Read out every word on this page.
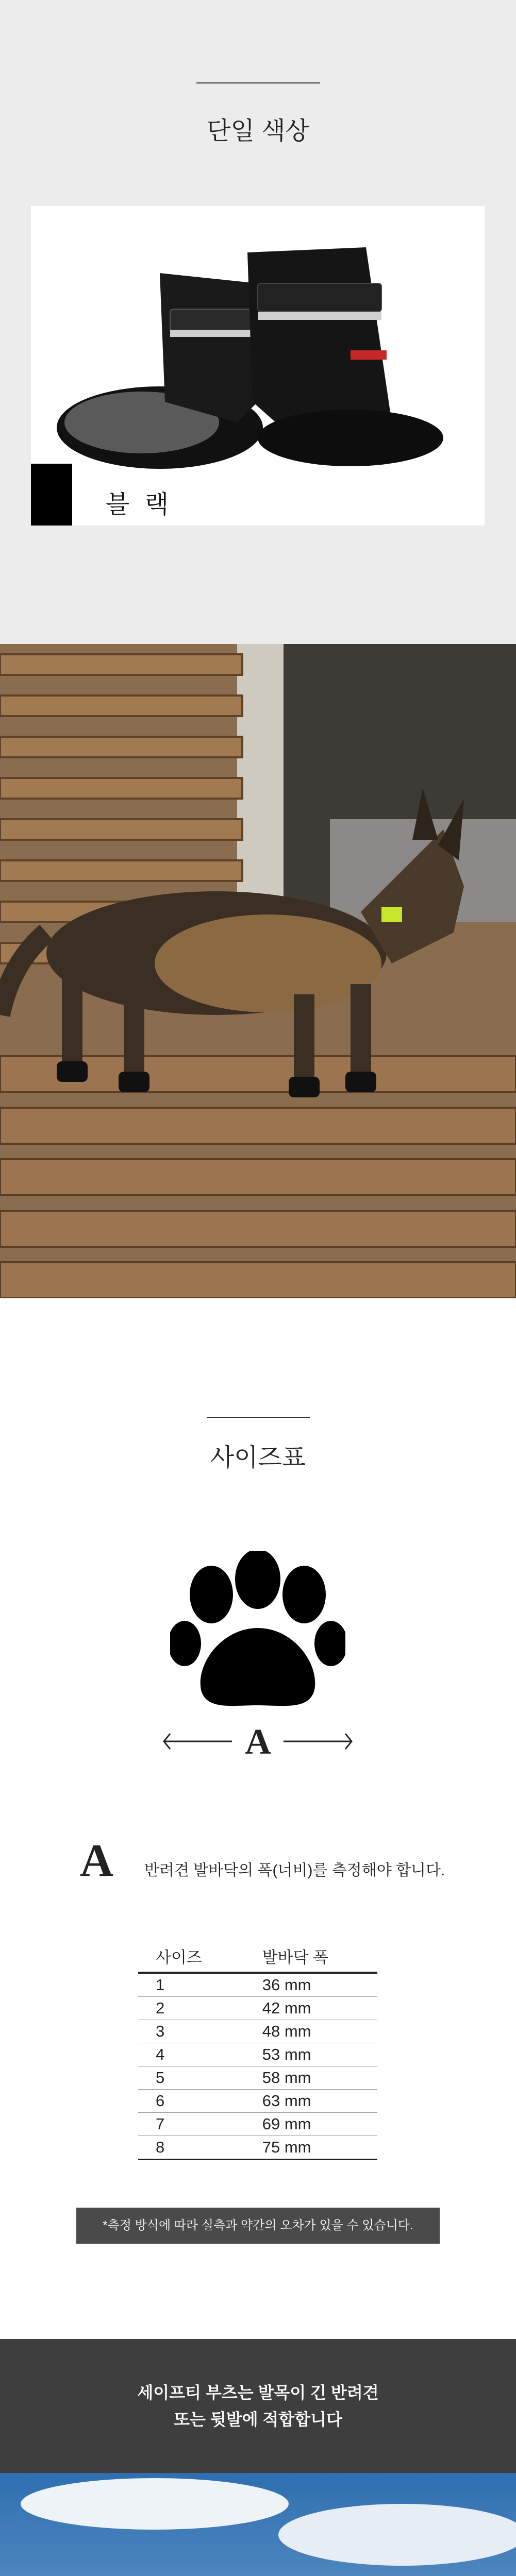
단일 색상
블 랙
사이즈표
A
A 반려견 발바닥의 폭(너비)를 측정해야 합니다.
사이즈	발바닥 폭
1	36 mm
2	42 mm
3	48 mm
4	53 mm
5	58 mm
6	63 mm
7	69 mm
8	75 mm
*측정 방식에 따라 실측과 약간의 오차가 있을 수 있습니다.
세이프티 부츠는 발목이 긴 반려견
또는 뒷발에 적합합니다
